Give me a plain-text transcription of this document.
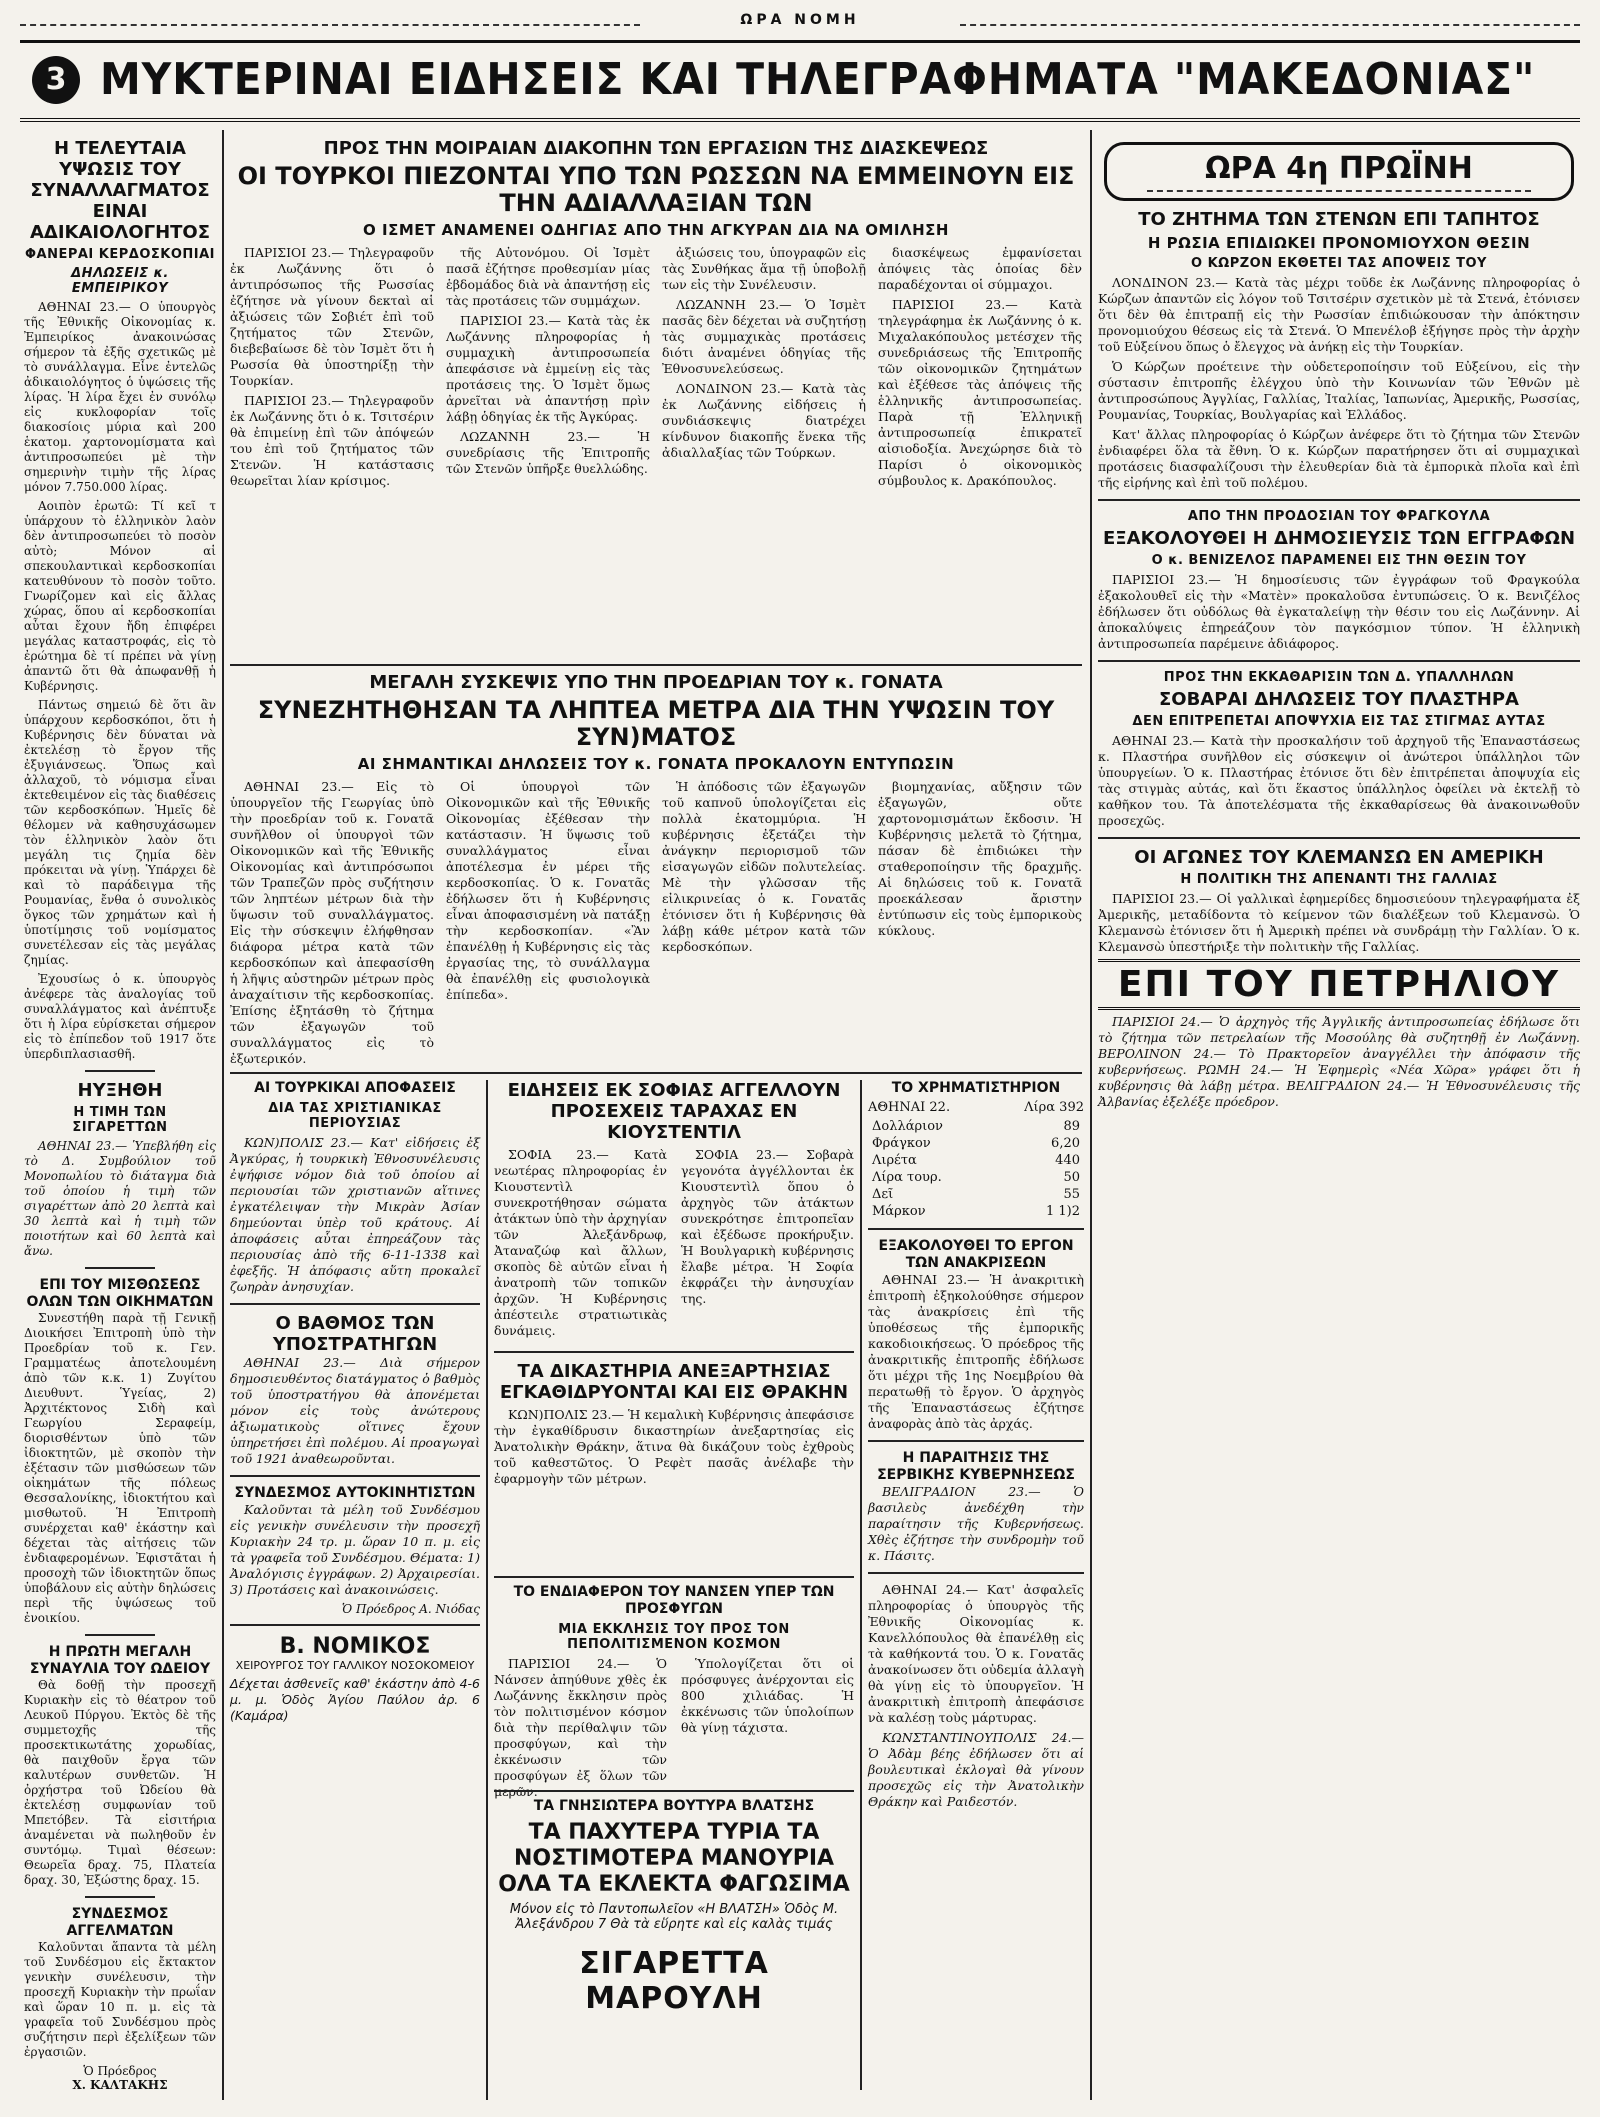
ΩΡΑ ΝΟΜΗ
3 ΜΥΚΤΕΡΙΝΑΙ ΕΙΔΗΣΕΙΣ ΚΑΙ ΤΗΛΕΓΡΑΦΗΜΑΤΑ "ΜΑΚΕΔΟΝΙΑΣ"
Η ΤΕΛΕΥΤΑΙΑ ΥΨΩΣΙΣ ΤΟΥ ΣΥΝΑΛΛΑΓΜΑΤΟΣ ΕΙΝΑΙ ΑΔΙΚΑΙΟΛΟΓΗΤΟΣ
ΦΑΝΕΡΑΙ ΚΕΡΔΟΣΚΟΠΙΑΙ
ΔΗΛΩΣΕΙΣ κ. ΕΜΠΕΙΡΙΚΟΥ

ΑΘΗΝΑΙ 23.— Ο ὑπουργὸς τῆς Ἐθνικῆς Οἰκονομίας κ. Ἐμπειρίκος ἀνακοινώσας σήμερον τὰ ἐξῆς σχετικῶς μὲ τὸ συνάλλαγμα. Εἶνε ἐντελῶς ἀδικαιολόγητος ὁ ὑψώσεις τῆς λίρας. Ἡ λίρα ἔχει ἐν συνόλῳ εἰς κυκλοφορίαν τοῖς διακοσίοις μύρια καὶ 200 ἑκατομ. χαρτονομίσματα καὶ ἀντιπροσωπεύει μὲ τὴν σημερινὴν τιμὴν τῆς λίρας μόνον 7.750.000 λίρας.

Αοιπὸν ἐρωτῶ: Τί κεῖ τ ὑπάρχουν τὸ ἑλληνικὸν λαὸν δὲν ἀντιπροσωπεύει τὸ ποσὸν αὐτὸ; Μόνον αἱ σπεκουλαντικαὶ κερδοσκοπίαι κατευθύνουν τὸ ποσὸν τοῦτο. Γνωρίζομεν καὶ εἰς ἄλλας χώρας, ὅπου αἱ κερδοσκοπίαι αὗται ἔχουν ἤδη ἐπιφέρει μεγάλας καταστροφάς, εἰς τὸ ἐρώτημα δὲ τί πρέπει νὰ γίνῃ ἀπαντῶ ὅτι θὰ ἀπωφανθῇ ἡ Κυβέρνησις.

Πάντως σημειώ δὲ ὅτι ἂν ὑπάρχουν κερδοσκόποι, ὅτι ἡ Κυβέρνησις δὲν δύναται νὰ ἐκτελέσῃ τὸ ἔργον τῆς ἐξυγιάνσεως. Ὅπως καὶ ἀλλαχοῦ, τὸ νόμισμα εἶναι ἐκτεθειμένον εἰς τὰς διαθέσεις τῶν κερδοσκόπων. Ἡμεῖς δὲ θέλομεν νὰ καθησυχάσωμεν τὸν ἑλληνικὸν λαὸν ὅτι μεγάλη τις ζημία δὲν πρόκειται νὰ γίνῃ. Ὑπάρχει δὲ καὶ τὸ παράδειγμα τῆς Ρουμανίας, ἔνθα ὁ συνολικὸς ὅγκος τῶν χρημάτων καὶ ἡ ὑποτίμησις τοῦ νομίσματος συνετέλεσαν εἰς τὰς μεγάλας ζημίας.

Ἐχουσίως ὁ κ. ὑπουργὸς ἀνέφερε τὰς ἀναλογίας τοῦ συναλλάγματος καὶ ἀνέπτυξε ὅτι ἡ λίρα εὑρίσκεται σήμερον εἰς τὸ ἐπίπεδον τοῦ 1917 ὅτε ὑπερδιπλασιασθῆ.

ΗΥΞΗΘΗ
Η ΤΙΜΗ ΤΩΝ ΣΙΓΑΡΕΤΤΩΝ

ΑΘΗΝΑΙ 23.— Ὑπεβλήθη εἰς τὸ Δ. Συμβούλιον τοῦ Μονοπωλίου τὸ διάταγμα διὰ τοῦ ὁποίου ἡ τιμὴ τῶν σιγαρέττων ἀπὸ 20 λεπτὰ καὶ 30 λεπτὰ καὶ ἡ τιμὴ τῶν ποιοτήτων καὶ 60 λεπτὰ καὶ ἄνω.

ΕΠΙ ΤΟΥ ΜΙΣΘΩΣΕΩΣ ΟΛΩΝ ΤΩΝ ΟΙΚΗΜΑΤΩΝ

Συνεστήθη παρὰ τῇ Γενικῇ Διοικήσει Ἐπιτροπὴ ὑπὸ τὴν Προεδρίαν τοῦ κ. Γεν. Γραμματέως ἀποτελουμένη ἀπὸ τῶν κ.κ. 1) Ζυγίτου Διευθυντ. Ὑγείας, 2) Ἀρχιτέκτονος Σιδὴ καὶ Γεωργίου Σεραφείμ, διορισθέντων ὑπὸ τῶν ἰδιοκτητῶν, μὲ σκοπὸν τὴν ἐξέτασιν τῶν μισθώσεων τῶν οἰκημάτων τῆς πόλεως Θεσσαλονίκης, ἰδιοκτήτου καὶ μισθωτοῦ. Ἡ Ἐπιτροπὴ συνέρχεται καθ' ἑκάστην καὶ δέχεται τὰς αἰτήσεις τῶν ἐνδιαφερομένων. Ἐφιστᾶται ἡ προσοχὴ τῶν ἰδιοκτητῶν ὅπως ὑποβάλουν εἰς αὐτὴν δηλώσεις περὶ τῆς ὑψώσεως τοῦ ἐνοικίου.

Η ΠΡΩΤΗ ΜΕΓΑΛΗ ΣΥΝΑΥΛΙΑ ΤΟΥ ΩΔΕΙΟΥ

Θὰ δοθῇ τὴν προσεχῆ Κυριακὴν εἰς τὸ θέατρον τοῦ Λευκοῦ Πύργου. Ἐκτὸς δὲ τῆς συμμετοχῆς τῆς προσεκτικωτάτης χορωδίας, θὰ παιχθοῦν ἔργα τῶν καλυτέρων συνθετῶν. Ἡ ὀρχήστρα τοῦ Ὠδείου θὰ ἐκτελέσῃ συμφωνίαν τοῦ Μπετόβεν. Τὰ εἰσιτήρια ἀναμένεται νὰ πωληθοῦν ἐν συντόμῳ. Τιμαὶ θέσεων: Θεωρεῖα δραχ. 75, Πλατεία δραχ. 30, Ἐξώστης δραχ. 15.

ΣΥΝΔΕΣΜΟΣ ΑΓΓΕΛΜΑΤΩΝ

Καλοῦνται ἅπαντα τὰ μέλη τοῦ Συνδέσμου εἰς ἔκτακτον γενικὴν συνέλευσιν, τὴν προσεχῆ Κυριακὴν τὴν πρωΐαν καὶ ὥραν 10 π. μ. εἰς τὰ γραφεῖα τοῦ Συνδέσμου πρὸς συζήτησιν περὶ ἐξελίξεων τῶν ἐργασιῶν.

Ὁ Πρόεδρος
Χ. ΚΑΛΤΑΚΗΣ
ΠΡΟΣ ΤΗΝ ΜΟΙΡΑΙΑΝ ΔΙΑΚΟΠΗΝ ΤΩΝ ΕΡΓΑΣΙΩΝ ΤΗΣ ΔΙΑΣΚΕΨΕΩΣ
ΟΙ ΤΟΥΡΚΟΙ ΠΙΕΖΟΝΤΑΙ ΥΠΟ ΤΩΝ ΡΩΣΣΩΝ ΝΑ ΕΜΜΕΙΝΟΥΝ ΕΙΣ ΤΗΝ ΑΔΙΑΛΛΑΞΙΑΝ ΤΩΝ
Ο ΙΣΜΕΤ ΑΝΑΜΕΝΕΙ ΟΔΗΓΙΑΣ ΑΠΟ ΤΗΝ ΑΓΚΥΡΑΝ ΔΙΑ ΝΑ ΟΜΙΛΗΣΗ

ΠΑΡΙΣΙΟΙ 23.— Τηλεγραφοῦν ἐκ Λωζάννης ὅτι ὁ ἀντιπρόσωπος τῆς Ρωσσίας ἐζήτησε νὰ γίνουν δεκταὶ αἱ ἀξιώσεις τῶν Σοβιέτ ἐπὶ τοῦ ζητήματος τῶν Στενῶν, διεβεβαίωσε δὲ τὸν Ἰσμὲτ ὅτι ἡ Ρωσσία θὰ ὑποστηρίξῃ τὴν Τουρκίαν.

ΠΑΡΙΣΙΟΙ 23.— Τηλεγραφοῦν ἐκ Λωζάννης ὅτι ὁ κ. Τσιτσέριν θὰ ἐπιμείνῃ ἐπὶ τῶν ἀπόψεών του ἐπὶ τοῦ ζητήματος τῶν Στενῶν. Ἡ κατάστασις θεωρεῖται λίαν κρίσιμος.

τῆς Αὐτονόμου. Οἱ Ἰσμὲτ πασᾶ ἐζήτησε προθεσμίαν μίας ἑβδομάδος διὰ νὰ ἀπαντήσῃ εἰς τὰς προτάσεις τῶν συμμάχων.

ΠΑΡΙΣΙΟΙ 23.— Κατὰ τὰς ἐκ Λωζάννης πληροφορίας ἡ συμμαχικὴ ἀντιπροσωπεία ἀπεφάσισε νὰ ἐμμείνῃ εἰς τὰς προτάσεις της. Ὁ Ἰσμὲτ ὅμως ἀρνεῖται νὰ ἀπαντήσῃ πρὶν λάβῃ ὁδηγίας ἐκ τῆς Ἀγκύρας.

ΛΩΖΑΝΝΗ 23.— Ἡ συνεδρίασις τῆς Ἐπιτροπῆς τῶν Στενῶν ὑπῆρξε θυελλώδης.

ἀξιώσεις του, ὑπογραφῶν εἰς τὰς Συνθήκας ἅμα τῇ ὑποβολῇ των εἰς τὴν Συνέλευσιν.

ΛΩΖΑΝΝΗ 23.— Ὁ Ἰσμὲτ πασᾶς δὲν δέχεται νὰ συζητήσῃ τὰς συμμαχικὰς προτάσεις διότι ἀναμένει ὁδηγίας τῆς Ἐθνοσυνελεύσεως.

ΛΟΝΔΙΝΟΝ 23.— Κατὰ τὰς ἐκ Λωζάννης εἰδήσεις ἡ συνδιάσκεψις διατρέχει κίνδυνον διακοπῆς ἕνεκα τῆς ἀδιαλλαξίας τῶν Τούρκων.

διασκέψεως ἐμφανίσεται ἀπόψεις τὰς ὁποίας δὲν παραδέχονται οἱ σύμμαχοι.

ΠΑΡΙΣΙΟΙ 23.— Κατὰ τηλεγράφημα ἐκ Λωζάννης ὁ κ. Μιχαλακόπουλος μετέσχεν τῆς συνεδριάσεως τῆς Ἐπιτροπῆς τῶν οἰκονομικῶν ζητημάτων καὶ ἐξέθεσε τὰς ἀπόψεις τῆς ἑλληνικῆς ἀντιπροσωπείας. Παρὰ τῇ Ἑλληνικῇ ἀντιπροσωπείᾳ ἐπικρατεῖ αἰσιοδοξία. Ἀνεχώρησε διὰ τὸ Παρίσι ὁ οἰκονομικὸς σύμβουλος κ. Δρακόπουλος.

ΜΕΓΑΛΗ ΣΥΣΚΕΨΙΣ ΥΠΟ ΤΗΝ ΠΡΟΕΔΡΙΑΝ ΤΟΥ κ. ΓΟΝΑΤΑ
ΣΥΝΕΖΗΤΗΘΗΣΑΝ ΤΑ ΛΗΠΤΕΑ ΜΕΤΡΑ ΔΙΑ ΤΗΝ ΥΨΩΣΙΝ ΤΟΥ ΣΥΝ)ΜΑΤΟΣ
ΑΙ ΣΗΜΑΝΤΙΚΑΙ ΔΗΛΩΣΕΙΣ ΤΟΥ κ. ΓΟΝΑΤΑ ΠΡΟΚΑΛΟΥΝ ΕΝΤΥΠΩΣΙΝ

ΑΘΗΝΑΙ 23.— Εἰς τὸ ὑπουργεῖον τῆς Γεωργίας ὑπὸ τὴν προεδρίαν τοῦ κ. Γονατᾶ συνῆλθον οἱ ὑπουργοὶ τῶν Οἰκονομικῶν καὶ τῆς Ἐθνικῆς Οἰκονομίας καὶ ἀντιπρόσωποι τῶν Τραπεζῶν πρὸς συζήτησιν τῶν ληπτέων μέτρων διὰ τὴν ὕψωσιν τοῦ συναλλάγματος. Εἰς τὴν σύσκεψιν ἐλήφθησαν διάφορα μέτρα κατὰ τῶν κερδοσκόπων καὶ ἀπεφασίσθη ἡ λῆψις αὐστηρῶν μέτρων πρὸς ἀναχαίτισιν τῆς κερδοσκοπίας. Ἐπίσης ἐξητάσθη τὸ ζήτημα τῶν ἐξαγωγῶν τοῦ συναλλάγματος εἰς τὸ ἐξωτερικόν.

Οἱ ὑπουργοὶ τῶν Οἰκονομικῶν καὶ τῆς Ἐθνικῆς Οἰκονομίας ἐξέθεσαν τὴν κατάστασιν. Ἡ ὕψωσις τοῦ συναλλάγματος εἶναι ἀποτέλεσμα ἐν μέρει τῆς κερδοσκοπίας. Ὁ κ. Γονατᾶς ἐδήλωσεν ὅτι ἡ Κυβέρνησις εἶναι ἀποφασισμένη νὰ πατάξῃ τὴν κερδοσκοπίαν. «Ἂν ἐπανέλθῃ ἡ Κυβέρνησις εἰς τὰς ἐργασίας της, τὸ συνάλλαγμα θὰ ἐπανέλθῃ εἰς φυσιολογικὰ ἐπίπεδα».

Ἡ ἀπόδοσις τῶν ἐξαγωγῶν τοῦ καπνοῦ ὑπολογίζεται εἰς πολλὰ ἑκατομμύρια. Ἡ κυβέρνησις ἐξετάζει τὴν ἀνάγκην περιορισμοῦ τῶν εἰσαγωγῶν εἰδῶν πολυτελείας. Μὲ τὴν γλῶσσαν τῆς εἰλικρινείας ὁ κ. Γονατᾶς ἐτόνισεν ὅτι ἡ Κυβέρνησις θὰ λάβῃ κάθε μέτρον κατὰ τῶν κερδοσκόπων.

βιομηχανίας, αὔξησιν τῶν ἐξαγωγῶν, οὔτε χαρτονομισμάτων ἔκδοσιν. Ἡ Κυβέρνησις μελετᾶ τὸ ζήτημα, πάσαν δὲ ἐπιδιώκει τὴν σταθεροποίησιν τῆς δραχμῆς. Αἱ δηλώσεις τοῦ κ. Γονατᾶ προεκάλεσαν ἄριστην ἐντύπωσιν εἰς τοὺς ἐμπορικοὺς κύκλους.

ΑΙ ΤΟΥΡΚΙΚΑΙ ΑΠΟΦΑΣΕΙΣ
ΔΙΑ ΤΑΣ ΧΡΙΣΤΙΑΝΙΚΑΣ ΠΕΡΙΟΥΣΙΑΣ

ΚΩΝ)ΠΟΛΙΣ 23.— Κατ' εἰδήσεις ἐξ Ἀγκύρας, ἡ τουρκικὴ Ἐθνοσυνέλευσις ἐψήφισε νόμον διὰ τοῦ ὁποίου αἱ περιουσίαι τῶν χριστιανῶν αἵτινες ἐγκατέλειψαν τὴν Μικρὰν Ἀσίαν δημεύονται ὑπὲρ τοῦ κράτους. Αἱ ἀποφάσεις αὗται ἐπηρεάζουν τὰς περιουσίας ἀπὸ τῆς 6-11-1338 καὶ ἐφεξῆς. Ἡ ἀπόφασις αὕτη προκαλεῖ ζωηρὰν ἀνησυχίαν.

Ο ΒΑΘΜΟΣ ΤΩΝ ΥΠΟΣΤΡΑΤΗΓΩΝ

ΑΘΗΝΑΙ 23.— Διὰ σήμερον δημοσιευθέντος διατάγματος ὁ βαθμὸς τοῦ ὑποστρατήγου θὰ ἀπονέμεται μόνον εἰς τοὺς ἀνώτερους ἀξιωματικοὺς οἵτινες ἔχουν ὑπηρετήσει ἐπὶ πολέμου. Αἱ προαγωγαὶ τοῦ 1921 ἀναθεωροῦνται.

ΣΥΝΔΕΣΜΟΣ ΑΥΤΟΚΙΝΗΤΙΣΤΩΝ

Καλοῦνται τὰ μέλη τοῦ Συνδέσμου εἰς γενικὴν συνέλευσιν τὴν προσεχῆ Κυριακὴν 24 τρ. μ. ὥραν 10 π. μ. εἰς τὰ γραφεῖα τοῦ Συνδέσμου. Θέματα: 1) Ἀναλόγισις ἐγγράφων. 2) Ἀρχαιρεσίαι. 3) Προτάσεις καὶ ἀνακοινώσεις.

Ὁ Πρόεδρος Α. Νιόδας
Β. ΝΟΜΙΚΟΣ
ΧΕΙΡΟΥΡΓΟΣ ΤΟΥ ΓΑΛΛΙΚΟΥ ΝΟΣΟΚΟΜΕΙΟΥ

Δέχεται ἀσθενεῖς καθ' ἑκάστην ἀπὸ 4-6 μ. μ. Ὁδὸς Ἁγίου Παύλου ἀρ. 6 (Καμάρα)

ΕΙΔΗΣΕΙΣ ΕΚ ΣΟΦΙΑΣ ΑΓΓΕΛΛΟΥΝ ΠΡΟΣΕΧΕΙΣ ΤΑΡΑΧΑΣ ΕΝ ΚΙΟΥΣΤΕΝΤΙΛ

ΣΟΦΙΑ 23.— Κατὰ νεωτέρας πληροφορίας ἐν Κιουστεντὶλ συνεκροτήθησαν σώματα ἀτάκτων ὑπὸ τὴν ἀρχηγίαν τῶν Ἀλεξάνδρωφ, Ἀταναζώφ καὶ ἄλλων, σκοπὸς δὲ αὐτῶν εἶναι ἡ ἀνατροπὴ τῶν τοπικῶν ἀρχῶν. Ἡ Κυβέρνησις ἀπέστειλε στρατιωτικὰς δυνάμεις.

ΣΟΦΙΑ 23.— Σοβαρὰ γεγονότα ἀγγέλλονται ἐκ Κιουστεντὶλ ὅπου ὁ ἀρχηγὸς τῶν ἀτάκτων συνεκρότησε ἐπιτροπεῖαν καὶ ἐξέδωσε προκήρυξιν. Ἡ Βουλγαρικὴ κυβέρνησις ἔλαβε μέτρα. Ἡ Σοφία ἐκφράζει τὴν ἀνησυχίαν της.

ΤΑ ΔΙΚΑΣΤΗΡΙΑ ΑΝΕΞΑΡΤΗΣΙΑΣ ΕΓΚΑΘΙΔΡΥΟΝΤΑΙ ΚΑΙ ΕΙΣ ΘΡΑΚΗΝ

ΚΩΝ)ΠΟΛΙΣ 23.— Ἡ κεμαλικὴ Κυβέρνησις ἀπεφάσισε τὴν ἐγκαθίδρυσιν δικαστηρίων ἀνεξαρτησίας εἰς Ἀνατολικὴν Θράκην, ἅτινα θὰ δικάζουν τοὺς ἐχθροὺς τοῦ καθεστῶτος. Ὁ Ρεφὲτ πασᾶς ἀνέλαβε τὴν ἐφαρμογὴν τῶν μέτρων.

ΤΟ ΧΡΗΜΑΤΙΣΤΗΡΙΟΝ
ΑΘΗΝΑΙ 22.	Λίρα 392
Δολλάριον	89
Φράγκον	6,20
Λιρέτα	440
Λίρα τουρ.	50
Δεῖ	55
Μάρκον	1 1)2
ΕΞΑΚΟΛΟΥΘΕΙ ΤΟ ΕΡΓΟΝ ΤΩΝ ΑΝΑΚΡΙΣΕΩΝ

ΑΘΗΝΑΙ 23.— Ἡ ἀνακριτικὴ ἐπιτροπὴ ἐξηκολούθησε σήμερον τὰς ἀνακρίσεις ἐπὶ τῆς ὑποθέσεως τῆς ἐμπορικῆς κακοδιοικήσεως. Ὁ πρόεδρος τῆς ἀνακριτικῆς ἐπιτροπῆς ἐδήλωσε ὅτι μέχρι τῆς 1ης Νοεμβρίου θὰ περατωθῇ τὸ ἔργον. Ὁ ἀρχηγὸς τῆς Ἐπαναστάσεως ἐζήτησε ἀναφορὰς ἀπὸ τὰς ἀρχάς.

Η ΠΑΡΑΙΤΗΣΙΣ ΤΗΣ ΣΕΡΒΙΚΗΣ ΚΥΒΕΡΝΗΣΕΩΣ

ΒΕΛΙΓΡΑΔΙΟΝ 23.— Ὁ βασιλεὺς ἀνεδέχθη τὴν παραίτησιν τῆς Κυβερνήσεως. Χθὲς ἐζήτησε τὴν συνδρομὴν τοῦ κ. Πάσιτς.

ΑΘΗΝΑΙ 24.— Κατ' ἀσφαλεῖς πληροφορίας ὁ ὑπουργὸς τῆς Ἐθνικῆς Οἰκονομίας κ. Κανελλόπουλος θὰ ἐπανέλθῃ εἰς τὰ καθήκοντά του. Ὁ κ. Γονατᾶς ἀνακοίνωσεν ὅτι οὐδεμία ἀλλαγὴ θὰ γίνῃ εἰς τὸ ὑπουργεῖον. Ἡ ἀνακριτικὴ ἐπιτροπὴ ἀπεφάσισε νὰ καλέσῃ τοὺς μάρτυρας.

ΚΩΝΣΤΑΝΤΙΝΟΥΠΟΛΙΣ 24.— Ὁ Ἀδὰμ βέης ἐδήλωσεν ὅτι αἱ βουλευτικαὶ ἐκλογαὶ θὰ γίνουν προσεχῶς εἰς τὴν Ἀνατολικὴν Θράκην καὶ Ραιδεστόν.

ΤΟ ΕΝΔΙΑΦΕΡΟΝ ΤΟΥ ΝΑΝΣΕΝ ΥΠΕΡ ΤΩΝ ΠΡΟΣΦΥΓΩΝ
ΜΙΑ ΕΚΚΛΗΣΙΣ ΤΟΥ ΠΡΟΣ ΤΟΝ ΠΕΠΟΛΙΤΙΣΜΕΝΟΝ ΚΟΣΜΟΝ

ΠΑΡΙΣΙΟΙ 24.— Ὁ Νάνσεν ἀπηύθυνε χθὲς ἐκ Λωζάννης ἔκκλησιν πρὸς τὸν πολιτισμένον κόσμον διὰ τὴν περίθαλψιν τῶν προσφύγων, καὶ τὴν ἐκκένωσιν τῶν προσφύγων ἐξ ὅλων τῶν

Ὑπολογίζεται ὅτι οἱ πρόσφυγες ἀνέρχονται εἰς 800 χιλιάδας. Ἡ ἐκκένωσις τῶν ὑπολοίπων θὰ γίνῃ τάχιστα.

ΤΑ ΓΝΗΣΙΩΤΕΡΑ ΒΟΥΤΥΡΑ ΒΛΑΤΣΗΣ
ΤΑ ΠΑΧΥΤΕΡΑ ΤΥΡΙΑ ΤΑ ΝΟΣΤΙΜΟΤΕΡΑ ΜΑΝΟΥΡΙΑ ΟΛΑ ΤΑ ΕΚΛΕΚΤΑ ΦΑΓΩΣΙΜΑ
Μόνον εἰς τὸ Παντοπωλεῖον «Η ΒΛΑΤΣΗ» Ὁδὸς Μ. Ἀλεξάνδρου 7 Θὰ τὰ εὕρητε καὶ εἰς καλὰς τιμάς
ΣΙΓΑΡΕΤΤΑ ΜΑΡΟΥΛΗ
ΩΡΑ 4η ΠΡΩΪΝΗ
ΤΟ ΖΗΤΗΜΑ ΤΩΝ ΣΤΕΝΩΝ ΕΠΙ ΤΑΠΗΤΟΣ
Η ΡΩΣΙΑ ΕΠΙΔΙΩΚΕΙ ΠΡΟΝΟΜΙΟΥΧΟΝ ΘΕΣΙΝ
Ο ΚΩΡΖΟΝ ΕΚΘΕΤΕΙ ΤΑΣ ΑΠΟΨΕΙΣ ΤΟΥ

ΛΟΝΔΙΝΟΝ 23.— Κατὰ τὰς μέχρι τοῦδε ἐκ Λωζάννης πληροφορίας ὁ Κώρζων ἀπαντῶν εἰς λόγον τοῦ Τσιτσέριν σχετικὸν μὲ τὰ Στενά, ἐτόνισεν ὅτι δὲν θὰ ἐπιτραπῇ εἰς τὴν Ρωσσίαν ἐπιδιώκουσαν τὴν ἀπόκτησιν προνομιούχου θέσεως εἰς τὰ Στενά. Ὁ Μπενέλοβ ἐξήγησε πρὸς τὴν ἀρχὴν τοῦ Εὐξείνου ὅπως ὁ ἔλεγχος νὰ ἀνήκῃ εἰς τὴν Τουρκίαν.

Ὁ Κώρζων προέτεινε τὴν οὐδετεροποίησιν τοῦ Εὐξείνου, εἰς τὴν σύστασιν ἐπιτροπῆς ἐλέγχου ὑπὸ τὴν Κοινωνίαν τῶν Ἐθνῶν μὲ ἀντιπροσώπους Ἀγγλίας, Γαλλίας, Ἰταλίας, Ἰαπωνίας, Ἀμερικῆς, Ρωσσίας, Ρουμανίας, Τουρκίας, Βουλγαρίας καὶ Ἑλλάδος.

Κατ' ἄλλας πληροφορίας ὁ Κώρζων ἀνέφερε ὅτι τὸ ζήτημα τῶν Στενῶν ἐνδιαφέρει ὅλα τὰ ἔθνη. Ὁ κ. Κώρζων παρατήρησεν ὅτι αἱ συμμαχικαὶ προτάσεις διασφαλίζουσι τὴν ἐλευθερίαν διὰ τὰ ἐμπορικὰ πλοῖα καὶ ἐπὶ τῆς εἰρήνης καὶ ἐπὶ τοῦ πολέμου.

ΑΠΟ ΤΗΝ ΠΡΟΔΟΣΙΑΝ ΤΟΥ ΦΡΑΓΚΟΥΛΑ
ΕΞΑΚΟΛΟΥΘΕΙ Η ΔΗΜΟΣΙΕΥΣΙΣ ΤΩΝ ΕΓΓΡΑΦΩΝ
Ο κ. ΒΕΝΙΖΕΛΟΣ ΠΑΡΑΜΕΝΕΙ ΕΙΣ ΤΗΝ ΘΕΣΙΝ ΤΟΥ

ΠΑΡΙΣΙΟΙ 23.— Ἡ δημοσίευσις τῶν ἐγγράφων τοῦ Φραγκούλα ἐξακολουθεῖ εἰς τὴν «Ματὲν» προκαλοῦσα ἐντυπώσεις. Ὁ κ. Βενιζέλος ἐδήλωσεν ὅτι οὐδόλως θὰ ἐγκαταλείψῃ τὴν θέσιν του εἰς Λωζάννην. Αἱ ἀποκαλύψεις ἐπηρεάζουν τὸν παγκόσμιον τύπον. Ἡ ἑλληνικὴ ἀντιπροσωπεία παρέμεινε ἀδιάφορος.

ΠΡΟΣ ΤΗΝ ΕΚΚΑΘΑΡΙΣΙΝ ΤΩΝ Δ. ΥΠΑΛΛΗΛΩΝ
ΣΟΒΑΡΑΙ ΔΗΛΩΣΕΙΣ ΤΟΥ ΠΛΑΣΤΗΡΑ
ΔΕΝ ΕΠΙΤΡΕΠΕΤΑΙ ΑΠΟΨΥΧΙΑ ΕΙΣ ΤΑΣ ΣΤΙΓΜΑΣ ΑΥΤΑΣ

ΑΘΗΝΑΙ 23.— Κατὰ τὴν προσκαλήσιν τοῦ ἀρχηγοῦ τῆς Ἐπαναστάσεως κ. Πλαστήρα συνῆλθον εἰς σύσκεψιν οἱ ἀνώτεροι ὑπάλληλοι τῶν ὑπουργείων. Ὁ κ. Πλαστήρας ἐτόνισε ὅτι δὲν ἐπιτρέπεται ἀποψυχία εἰς τὰς στιγμὰς αὐτάς, καὶ ὅτι ἕκαστος ὑπάλληλος ὀφείλει νὰ ἐκτελῇ τὸ καθῆκον του. Τὰ ἀποτελέσματα τῆς ἐκκαθαρίσεως θὰ ἀνακοινωθοῦν προσεχῶς.

ΟΙ ΑΓΩΝΕΣ ΤΟΥ ΚΛΕΜΑΝΣΩ ΕΝ ΑΜΕΡΙΚΗ
Η ΠΟΛΙΤΙΚΗ ΤΗΣ ΑΠΕΝΑΝΤΙ ΤΗΣ ΓΑΛΛΙΑΣ

ΠΑΡΙΣΙΟΙ 23.— Οἱ γαλλικαὶ ἐφημερίδες δημοσιεύουν τηλεγραφήματα ἐξ Ἀμερικῆς, μεταδίδοντα τὸ κείμενον τῶν διαλέξεων τοῦ Κλεμανσὼ. Ὁ Κλεμανσὼ ἐτόνισεν ὅτι ἡ Ἀμερικὴ πρέπει νὰ συνδράμῃ τὴν Γαλλίαν. Ὁ κ. Κλεμανσὼ ὑπεστήριξε τὴν πολιτικὴν τῆς Γαλλίας.

ΕΠΙ ΤΟΥ ΠΕΤΡΗΛΙΟΥ

ΠΑΡΙΣΙΟΙ 24.— Ὁ ἀρχηγὸς τῆς Ἀγγλικῆς ἀντιπροσωπείας ἐδήλωσε ὅτι τὸ ζήτημα τῶν πετρελαίων τῆς Μοσούλης θὰ συζητηθῇ ἐν Λωζάννῃ. ΒΕΡΟΛΙΝΟΝ 24.— Τὸ Πρακτορεῖον ἀναγγέλλει τὴν ἀπόφασιν τῆς κυβερνήσεως. ΡΩΜΗ 24.— Ἡ Ἐφημερὶς «Νέα Χῶρα» γράφει ὅτι ἡ κυβέρνησις θὰ λάβῃ μέτρα. ΒΕΛΙΓΡΑΔΙΟΝ 24.— Ἡ Ἐθνοσυνέλευσις τῆς Ἀλβανίας ἐξελέξε πρόεδρον.
